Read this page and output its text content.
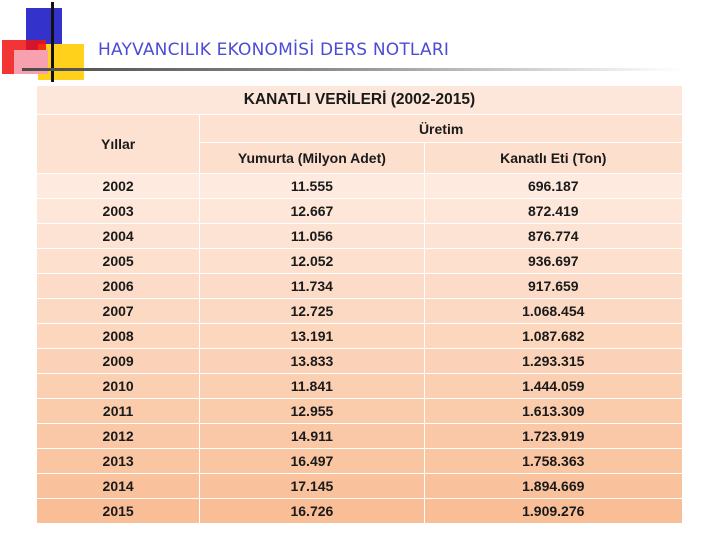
HAYVANCILIK EKONOMİSİ DERS NOTLARI
KANATLI VERİLERİ (2002-2015)		
Yıllar	Üretim	
	Yumurta (Milyon Adet)	Kanatlı Eti (Ton)
2002	11.555	696.187
2003	12.667	872.419
2004	11.056	876.774
2005	12.052	936.697
2006	11.734	917.659
2007	12.725	1.068.454
2008	13.191	1.087.682
2009	13.833	1.293.315
2010	11.841	1.444.059
2011	12.955	1.613.309
2012	14.911	1.723.919
2013	16.497	1.758.363
2014	17.145	1.894.669
2015	16.726	1.909.276
